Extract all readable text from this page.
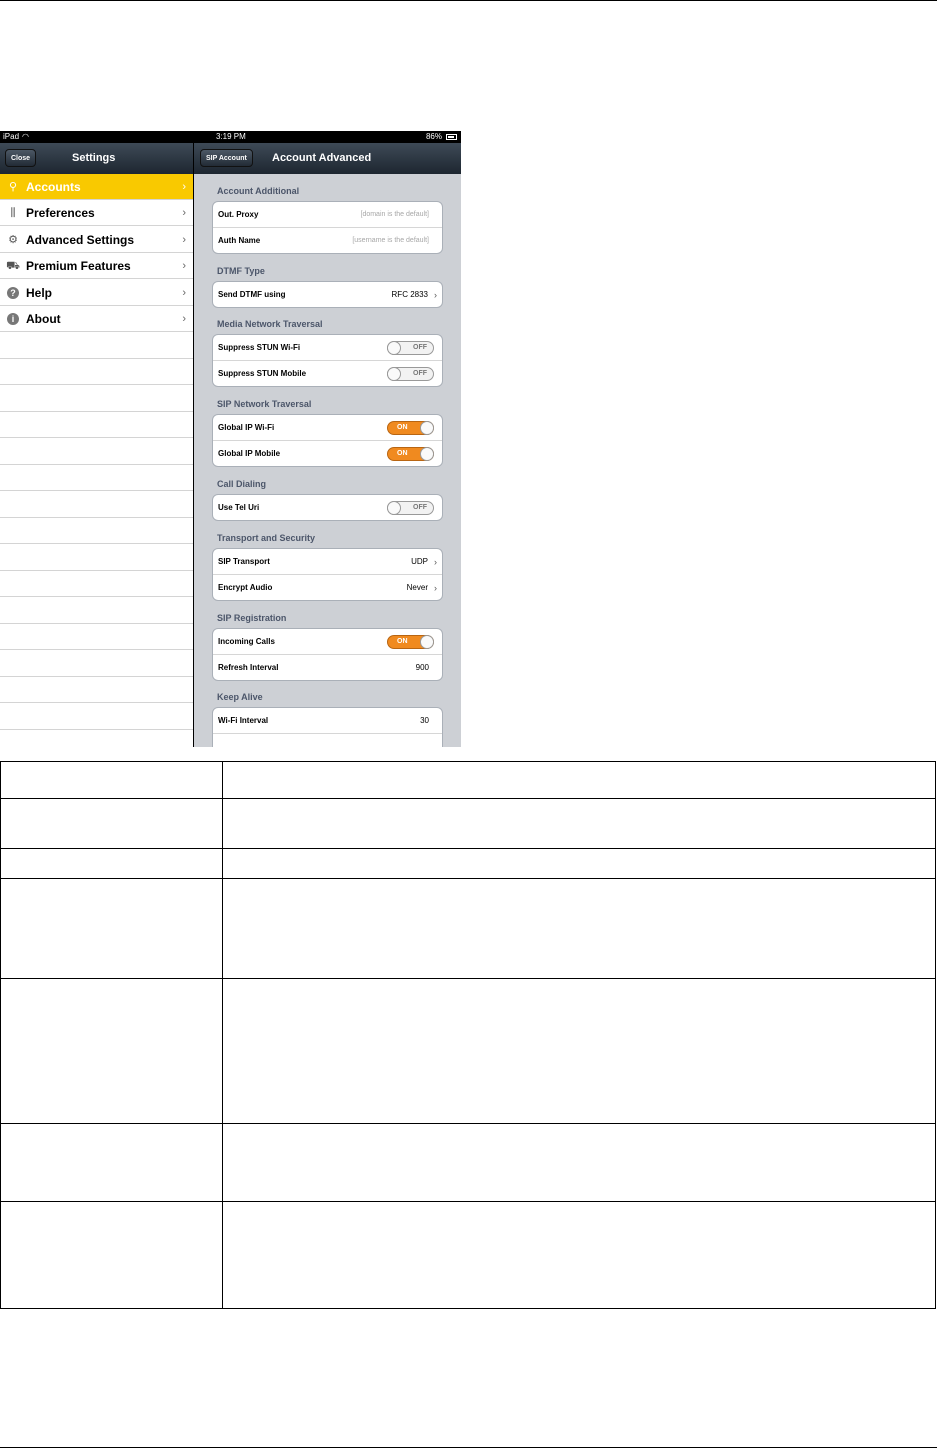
iPad ◠	3:19 PM	86%
Close	Settings	SIP Account	Account Advanced
⚲ Accounts	›
⫼ Preferences	›
⚙ Advanced Settings	›
⛟ Premium Features	›
? Help	›
i About	›
Account Additional
Out. Proxy	[domain is the default]
Auth Name	[username is the default]
DTMF Type
Send DTMF using	RFC 2833 ›
Media Network Traversal
Suppress STUN Wi-Fi	OFF
Suppress STUN Mobile	OFF
SIP Network Traversal
Global IP Wi-Fi	ON
Global IP Mobile	ON
Call Dialing
Use Tel Uri	OFF
Transport and Security
SIP Transport	UDP ›
Encrypt Audio	Never ›
SIP Registration
Incoming Calls	ON
Refresh Interval	900
Keep Alive
Wi-Fi Interval	30
